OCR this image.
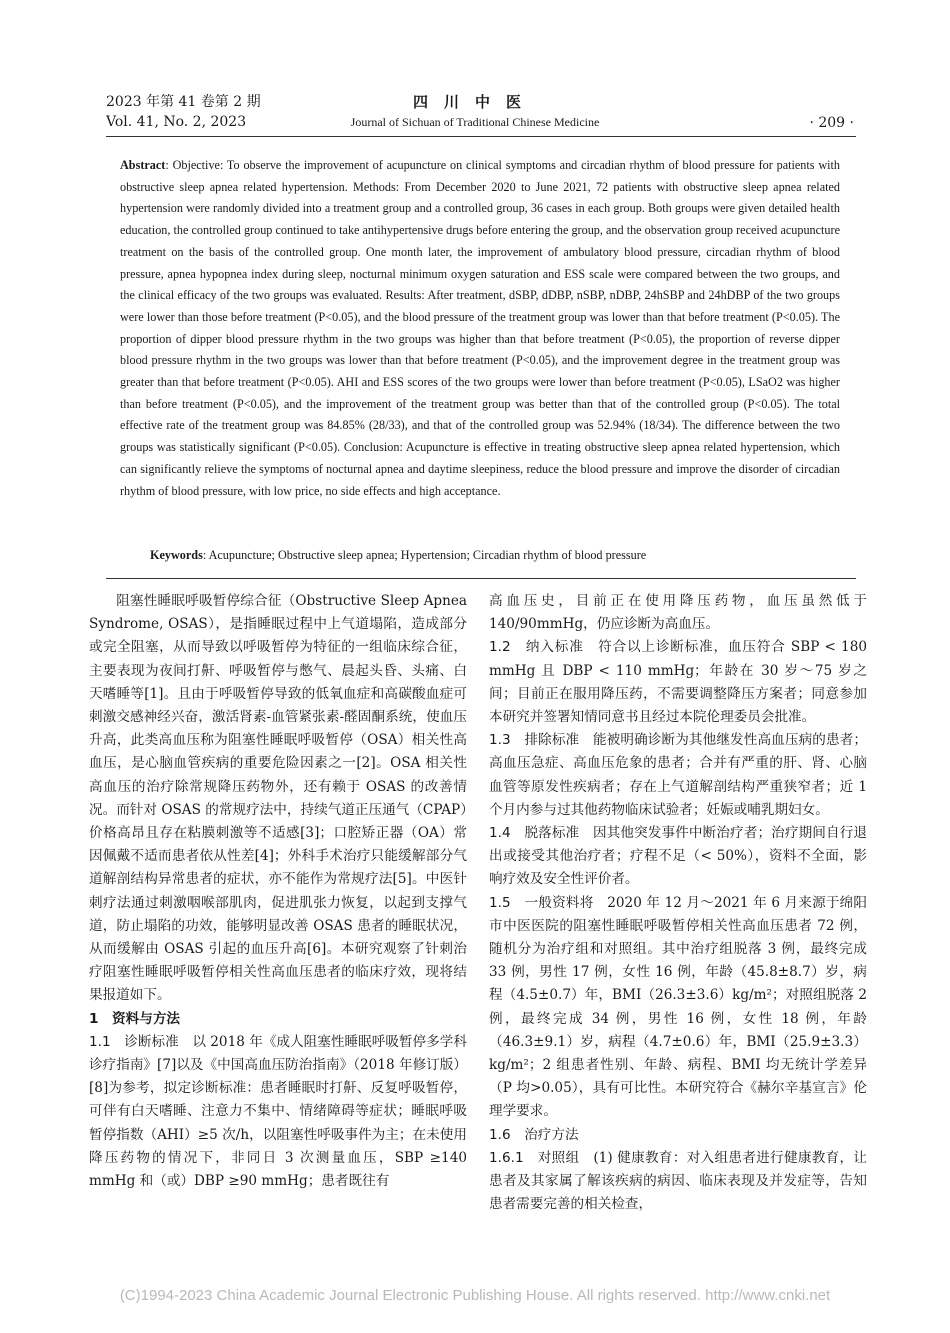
2023 年第 41 卷第 2 期
Vol. 41, No. 2, 2023
四川中医
Journal of Sichuan of Traditional Chinese Medicine	· 209 ·
Abstract: Objective: To observe the improvement of acupuncture on clinical symptoms and circadian rhythm of blood pressure for patients with obstructive sleep apnea related hypertension. Methods: From December 2020 to June 2021, 72 patients with obstructive sleep apnea related hypertension were randomly divided into a treatment group and a controlled group, 36 cases in each group. Both groups were given detailed health education, the controlled group continued to take antihypertensive drugs before entering the group, and the observation group received acupuncture treatment on the basis of the controlled group. One month later, the improvement of ambulatory blood pressure, circadian rhythm of blood pressure, apnea hypopnea index during sleep, nocturnal minimum oxygen saturation and ESS scale were compared between the two groups, and the clinical efficacy of the two groups was evaluated. Results: After treatment, dSBP, dDBP, nSBP, nDBP, 24hSBP and 24hDBP of the two groups were lower than those before treatment (P<0.05), and the blood pressure of the treatment group was lower than that before treatment (P<0.05). The proportion of dipper blood pressure rhythm in the two groups was higher than that before treatment (P<0.05), the proportion of reverse dipper blood pressure rhythm in the two groups was lower than that before treatment (P<0.05), and the improvement degree in the treatment group was greater than that before treatment (P<0.05). AHI and ESS scores of the two groups were lower than before treatment (P<0.05), LSaO2 was higher than before treatment (P<0.05), and the improvement of the treatment group was better than that of the controlled group (P<0.05). The total effective rate of the treatment group was 84.85% (28/33), and that of the controlled group was 52.94% (18/34). The difference between the two groups was statistically significant (P<0.05). Conclusion: Acupuncture is effective in treating obstructive sleep apnea related hypertension, which can significantly relieve the symptoms of nocturnal apnea and daytime sleepiness, reduce the blood pressure and improve the disorder of circadian rhythm of blood pressure, with low price, no side effects and high acceptance.
Keywords: Acupuncture; Obstructive sleep apnea; Hypertension; Circadian rhythm of blood pressure

阻塞性睡眠呼吸暂停综合征（Obstructive Sleep Apnea Syndrome, OSAS），是指睡眠过程中上气道塌陷，造成部分或完全阻塞，从而导致以呼吸暂停为特征的一组临床综合征，主要表现为夜间打鼾、呼吸暂停与憋气、晨起头昏、头痛、白天嗜睡等[1]。且由于呼吸暂停导致的低氧血症和高碳酸血症可刺激交感神经兴奋，激活肾素-血管紧张素-醛固酮系统，使血压升高，此类高血压称为阻塞性睡眠呼吸暂停（OSA）相关性高血压，是心脑血管疾病的重要危险因素之一[2]。OSA 相关性高血压的治疗除常规降压药物外，还有赖于 OSAS 的改善情况。而针对 OSAS 的常规疗法中，持续气道正压通气（CPAP）价格高昂且存在粘膜刺激等不适感[3]；口腔矫正器（OA）常因佩戴不适而患者依从性差[4]；外科手术治疗只能缓解部分气道解剖结构异常患者的症状，亦不能作为常规疗法[5]。中医针刺疗法通过刺激咽喉部肌肉，促进肌张力恢复，以起到支撑气道，防止塌陷的功效，能够明显改善 OSAS 患者的睡眠状况，从而缓解由 OSAS 引起的血压升高[6]。本研究观察了针刺治疗阻塞性睡眠呼吸暂停相关性高血压患者的临床疗效，现将结果报道如下。

1　资料与方法

1.1　诊断标准　以 2018 年《成人阻塞性睡眠呼吸暂停多学科诊疗指南》[7]以及《中国高血压防治指南》（2018 年修订版）[8]为参考，拟定诊断标准：患者睡眠时打鼾、反复呼吸暂停，可伴有白天嗜睡、注意力不集中、情绪障碍等症状；睡眠呼吸暂停指数（AHI）≥5 次/h，以阻塞性呼吸事件为主；在未使用降压药物的情况下，非同日 3 次测量血压，SBP ≥140 mmHg 和（或）DBP ≥90 mmHg；患者既往有

高血压史，目前正在使用降压药物，血压虽然低于 140/90mmHg，仍应诊断为高血压。

1.2　纳入标准　符合以上诊断标准，血压符合 SBP < 180 mmHg 且 DBP < 110 mmHg；年龄在 30 岁～75 岁之间；目前正在服用降压药，不需要调整降压方案者；同意参加本研究并签署知情同意书且经过本院伦理委员会批准。

1.3　排除标准　能被明确诊断为其他继发性高血压病的患者；高血压急症、高血压危象的患者；合并有严重的肝、肾、心脑血管等原发性疾病者；存在上气道解剖结构严重狭窄者；近 1 个月内参与过其他药物临床试验者；妊娠或哺乳期妇女。

1.4　脱落标准　因其他突发事件中断治疗者；治疗期间自行退出或接受其他治疗者；疗程不足（< 50%），资料不全面，影响疗效及安全性评价者。

1.5　一般资料将　2020 年 12 月～2021 年 6 月来源于绵阳市中医医院的阻塞性睡眠呼吸暂停相关性高血压患者 72 例，随机分为治疗组和对照组。其中治疗组脱落 3 例，最终完成 33 例，男性 17 例，女性 16 例，年龄（45.8±8.7）岁，病程（4.5±0.7）年，BMI（26.3±3.6）kg/m²；对照组脱落 2 例，最终完成 34 例，男性 16 例，女性 18 例，年龄（46.3±9.1）岁，病程（4.7±0.6）年，BMI（25.9±3.3）kg/m²；2 组患者性别、年龄、病程、BMI 均无统计学差异（P 均>0.05），具有可比性。本研究符合《赫尔辛基宣言》伦理学要求。

1.6　治疗方法

1.6.1　对照组　(1) 健康教育：对入组患者进行健康教育，让患者及其家属了解该疾病的病因、临床表现及并发症等，告知患者需要完善的相关检查，

(C)1994-2023 China Academic Journal Electronic Publishing House. All rights reserved. http://www.cnki.net
